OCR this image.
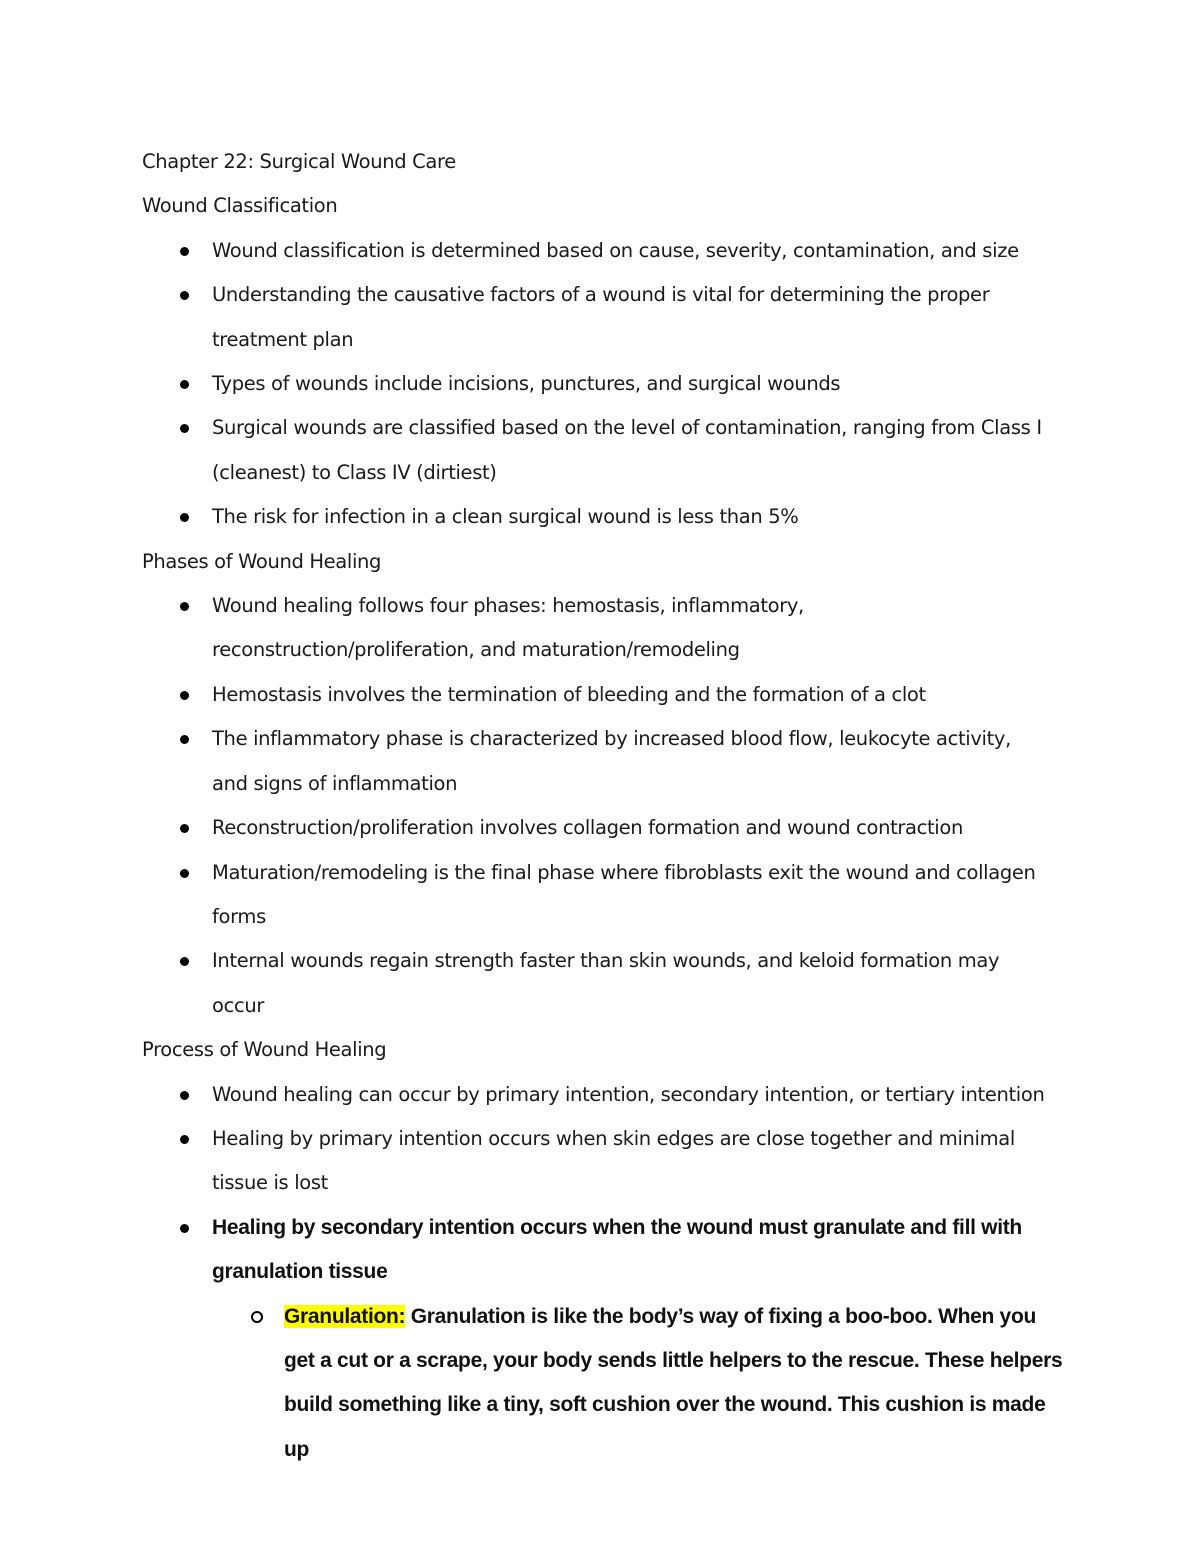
Chapter 22: Surgical Wound Care

Wound Classification

Wound classification is determined based on cause, severity, contamination, and size
Understanding the causative factors of a wound is vital for determining the proper
treatment plan
Types of wounds include incisions, punctures, and surgical wounds
Surgical wounds are classified based on the level of contamination, ranging from Class I
(cleanest) to Class IV (dirtiest)
The risk for infection in a clean surgical wound is less than 5%

Phases of Wound Healing

Wound healing follows four phases: hemostasis, inflammatory,
reconstruction/proliferation, and maturation/remodeling
Hemostasis involves the termination of bleeding and the formation of a clot
The inflammatory phase is characterized by increased blood flow, leukocyte activity,
and signs of inflammation
Reconstruction/proliferation involves collagen formation and wound contraction
Maturation/remodeling is the final phase where fibroblasts exit the wound and collagen
forms
Internal wounds regain strength faster than skin wounds, and keloid formation may
occur

Process of Wound Healing

Wound healing can occur by primary intention, secondary intention, or tertiary intention
Healing by primary intention occurs when skin edges are close together and minimal
tissue is lost
Healing by secondary intention occurs when the wound must granulate and fill with
granulation tissue
Granulation: Granulation is like the body’s way of fixing a boo-boo. When you
get a cut or a scrape, your body sends little helpers to the rescue. These helpers
build something like a tiny, soft cushion over the wound. This cushion is made up
